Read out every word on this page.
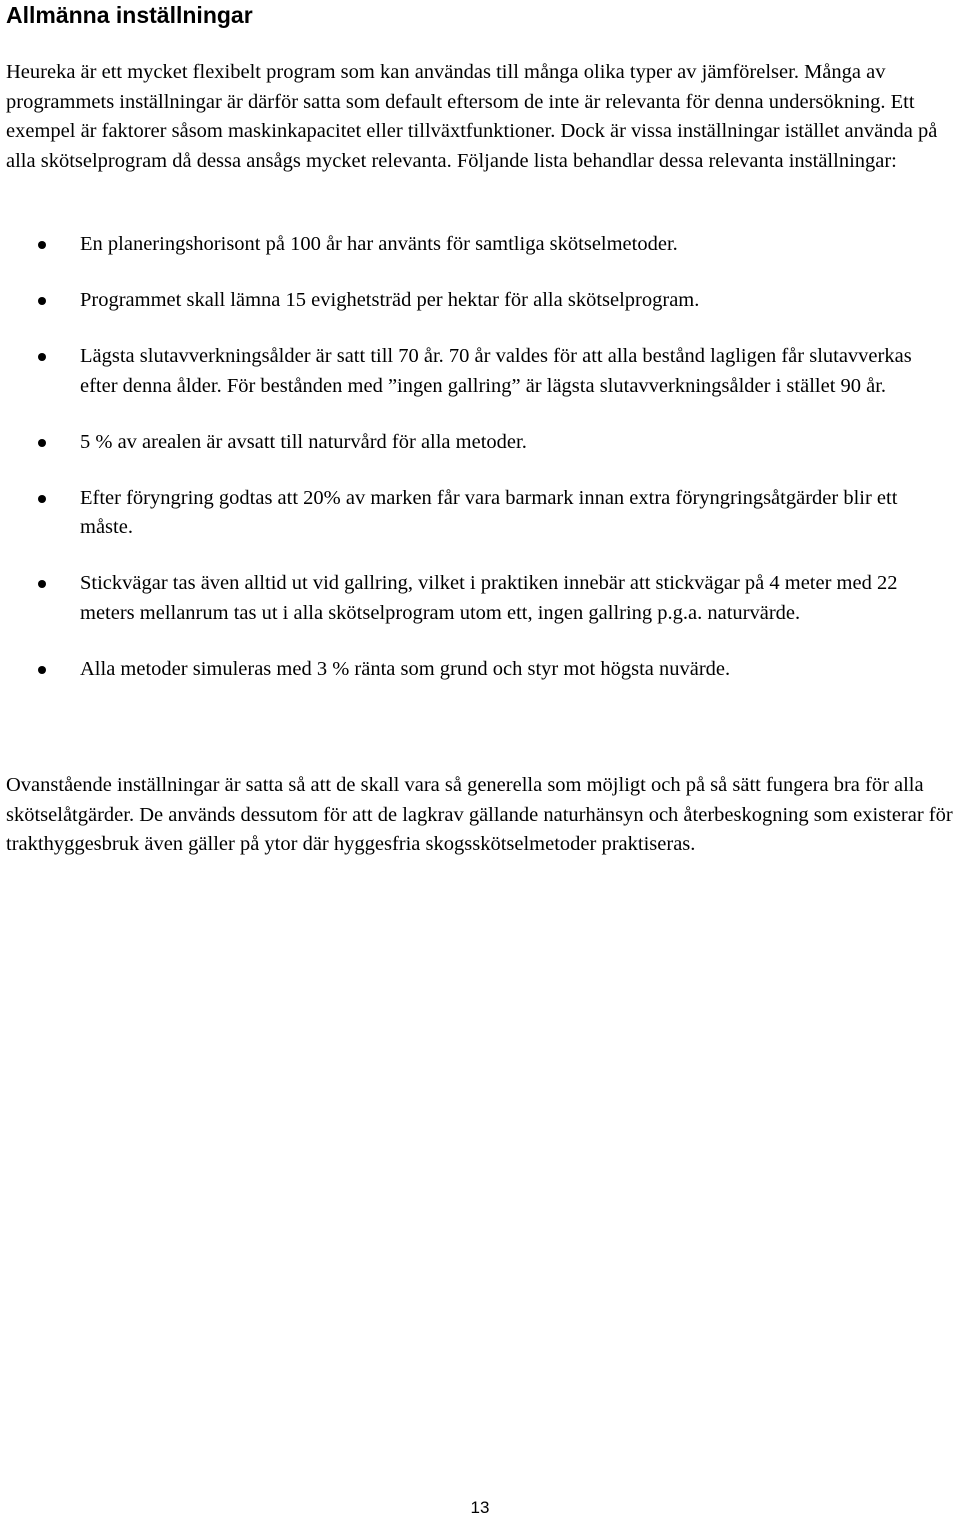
Allmänna inställningar

Heureka är ett mycket flexibelt program som kan användas till många olika typer av jämförelser. Många av programmets inställningar är därför satta som default eftersom de inte är relevanta för denna undersökning. Ett exempel är faktorer såsom maskinkapacitet eller tillväxtfunktioner. Dock är vissa inställningar istället använda på alla skötselprogram då dessa ansågs mycket relevanta. Följande lista behandlar dessa relevanta inställningar:

En planeringshorisont på 100 år har använts för samtliga skötselmetoder.
Programmet skall lämna 15 evighetsträd per hektar för alla skötselprogram.
Lägsta slutavverkningsålder är satt till 70 år. 70 år valdes för att alla bestånd lagligen får slutavverkas efter denna ålder. För bestånden med ”ingen gallring” är lägsta slutavverkningsålder i stället 90 år.
5 % av arealen är avsatt till naturvård för alla metoder.
Efter föryngring godtas att 20% av marken får vara barmark innan extra föryngringsåtgärder blir ett måste.
Stickvägar tas även alltid ut vid gallring, vilket i praktiken innebär att stickvägar på 4 meter med 22 meters mellanrum tas ut i alla skötselprogram utom ett, ingen gallring p.g.a. naturvärde.
Alla metoder simuleras med 3 % ränta som grund och styr mot högsta nuvärde.

Ovanstående inställningar är satta så att de skall vara så generella som möjligt och på så sätt fungera bra för alla skötselåtgärder. De används dessutom för att de lagkrav gällande naturhänsyn och återbeskogning som existerar för trakthyggesbruk även gäller på ytor där hyggesfria skogsskötselmetoder praktiseras.

13
